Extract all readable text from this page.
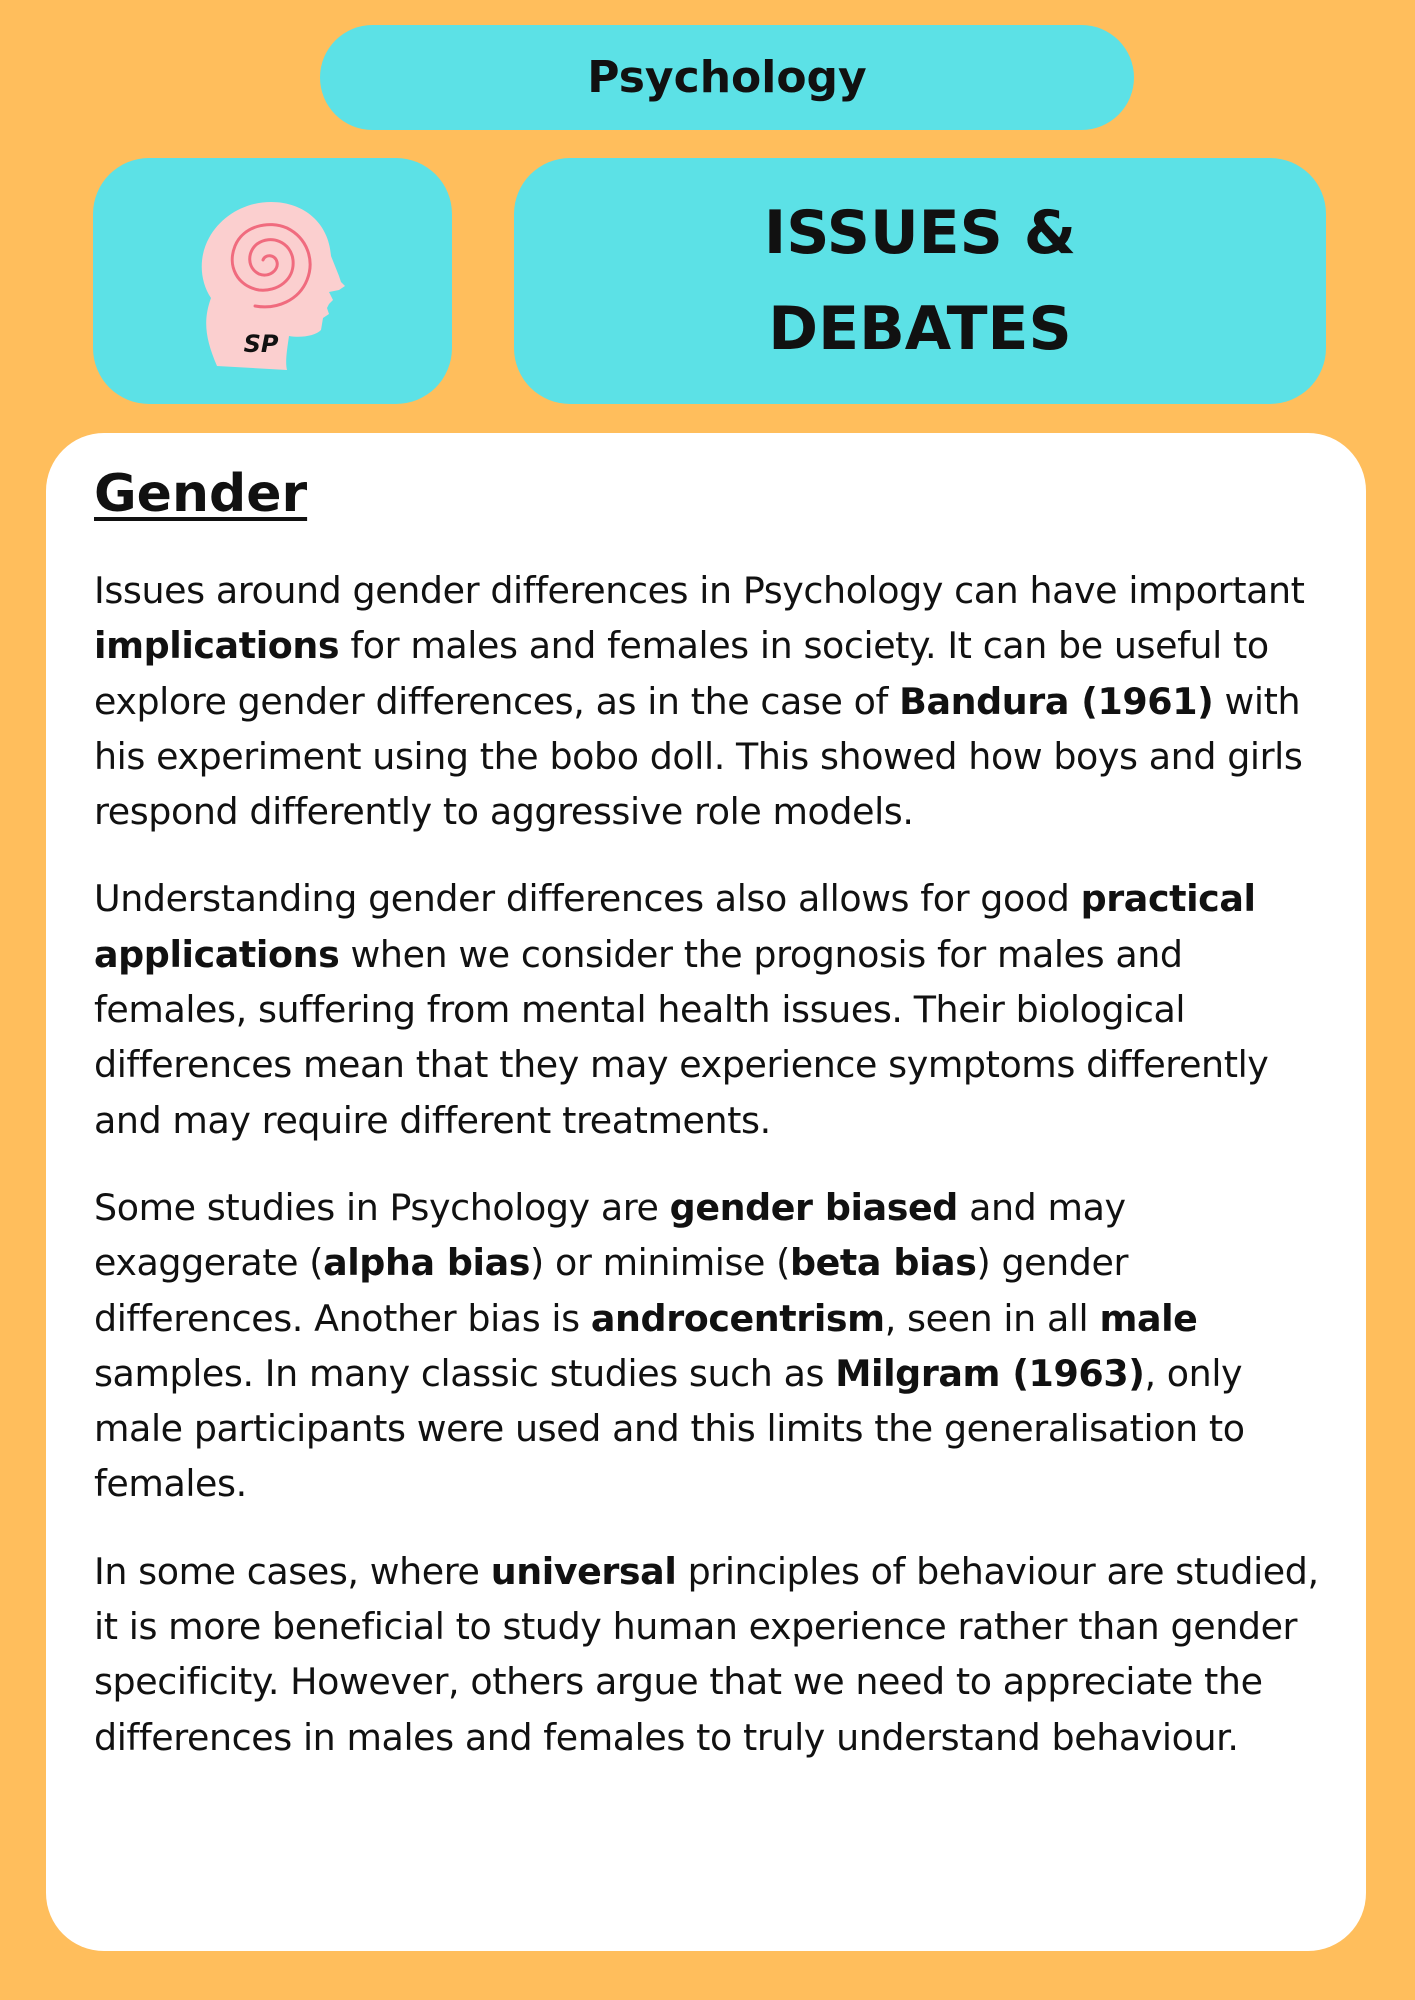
Psychology
SP
ISSUES &
DEBATES
Gender

Issues around gender differences in Psychology can have important implications for males and females in society. It can be useful to explore gender differences, as in the case of Bandura (1961) with his experiment using the bobo doll. This showed how boys and girls respond differently to aggressive role models.

Understanding gender differences also allows for good practical applications when we consider the prognosis for males and females, suffering from mental health issues. Their biological differences mean that they may experience symptoms differently and may require different treatments.

Some studies in Psychology are gender biased and may exaggerate (alpha bias) or minimise (beta bias) gender differences. Another bias is androcentrism, seen in all male samples. In many classic studies such as Milgram (1963), only male participants were used and this limits the generalisation to females.

In some cases, where universal principles of behaviour are studied, it is more beneficial to study human experience rather than gender specificity. However, others argue that we need to appreciate the differences in males and females to truly understand behaviour.
